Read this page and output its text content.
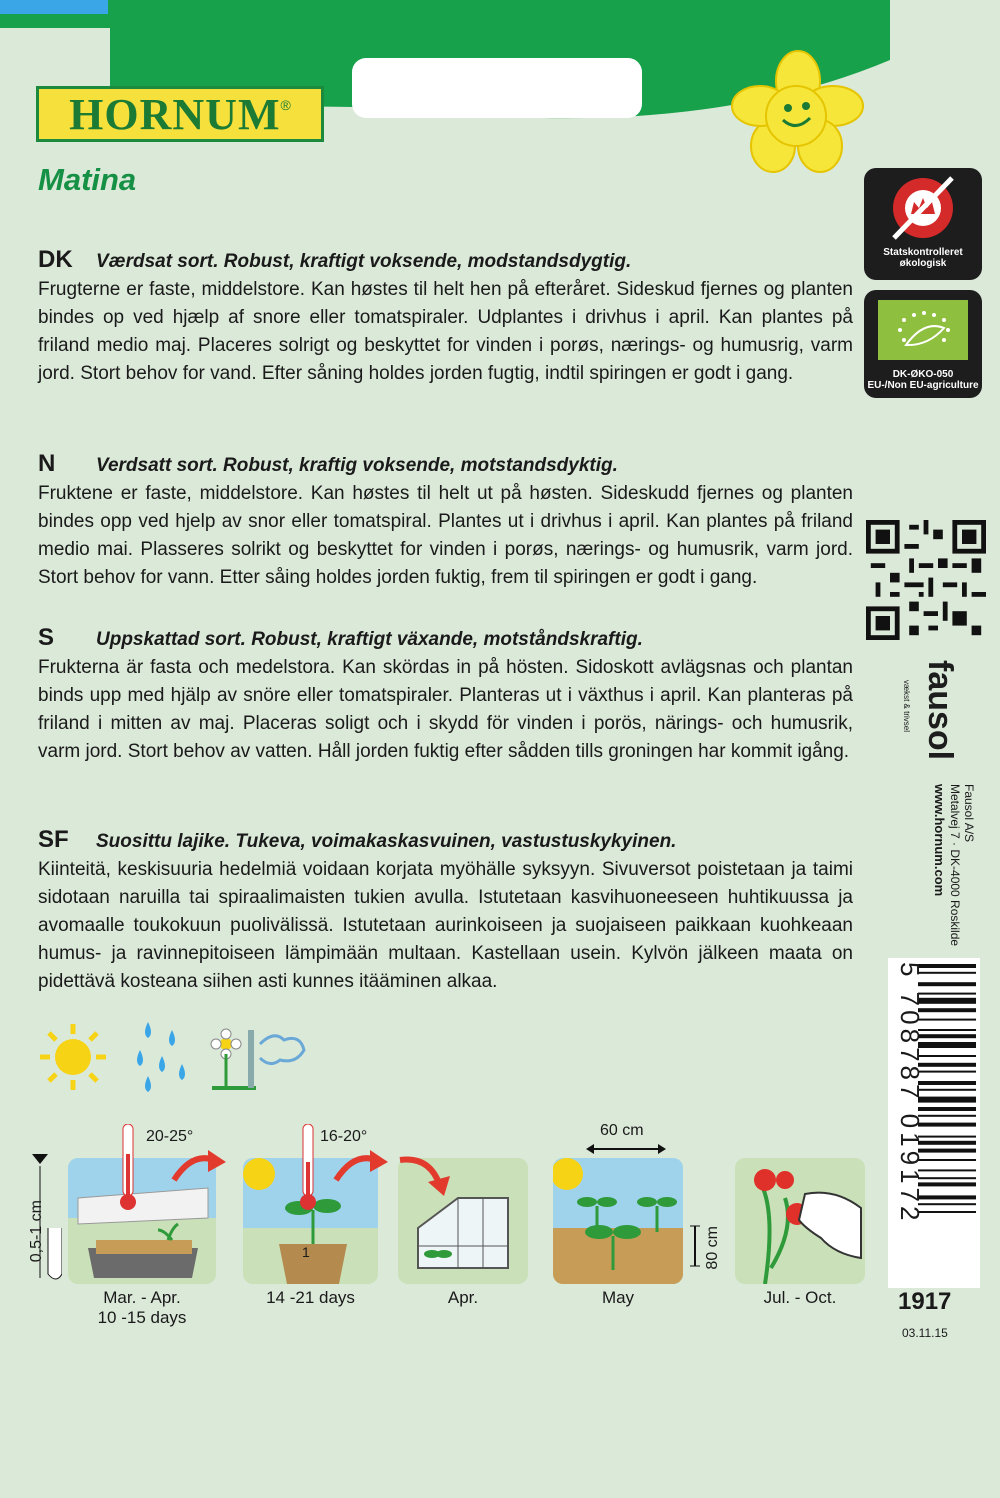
HORNUM ®
Matina
DK Værdsat sort. Robust, kraftigt voksende, modstandsdygtig.

Frugterne er faste, middelstore. Kan høstes til helt hen på efteråret. Sideskud fjernes og planten bindes op ved hjælp af snore eller tomatspiraler. Udplantes i drivhus i april. Kan plantes på friland medio maj. Placeres solrigt og beskyttet for vinden i porøs, nærings- og humusrig, varm jord. Stort behov for vand. Efter såning holdes jorden fugtig, indtil spiringen er godt i gang.

N Verdsatt sort. Robust, kraftig voksende, motstandsdyktig.

Fruktene er faste, middelstore. Kan høstes til helt ut på høsten. Sideskudd fjernes og planten bindes opp ved hjelp av snor eller tomatspiral. Plantes ut i drivhus i april. Kan plantes på friland medio mai. Plasseres solrikt og beskyttet for vinden i porøs, nærings- og humusrik, varm jord. Stort behov for vann. Etter såing holdes jorden fuktig, frem til spiringen er godt i gang.

S Uppskattad sort. Robust, kraftigt växande, motståndskraftig.

Frukterna är fasta och medelstora. Kan skördas in på hösten. Sidoskott avlägsnas och plantan binds upp med hjälp av snöre eller tomatspiraler. Planteras ut i växthus i april. Kan planteras på friland i mitten av maj. Placeras soligt och i skydd för vinden i porös, närings- och humusrik, varm jord. Stort behov av vatten. Håll jorden fuktig efter sådden tills groningen har kommit igång.

SF Suosittu lajike. Tukeva, voimakaskasvuinen, vastustuskykyinen.

Kiinteitä, keskisuuria hedelmiä voidaan korjata myöhälle syksyyn. Sivuversot poistetaan ja taimi sidotaan naruilla tai spiraalimaisten tukien avulla. Istutetaan kasvihuoneeseen huhtikuussa ja avomaalle toukokuun puolivälissä. Istutetaan aurinkoiseen ja suojaiseen paikkaan kuohkeaan humus- ja ravinnepitoiseen lämpimään multaan. Kastellaan usein. Kylvön jälkeen maata on pidettävä kosteana siihen asti kunnes itääminen alkaa.

Statskontrolleret
økologisk
DK-ØKO-050
EU-/Non EU-agriculture
fausol
vækst & trivsel
Fausol A/S
Metalvej 7 · DK-4000 Roskilde
www.hornum.com
5 708787 019172
1917
03.11.15
0,5-1 cm
20-25°
1
16-20°	60 cm
80 cm
Mar. - Apr.
10 -15 days
14 -21 days	Apr.	May	Jul. - Oct.
